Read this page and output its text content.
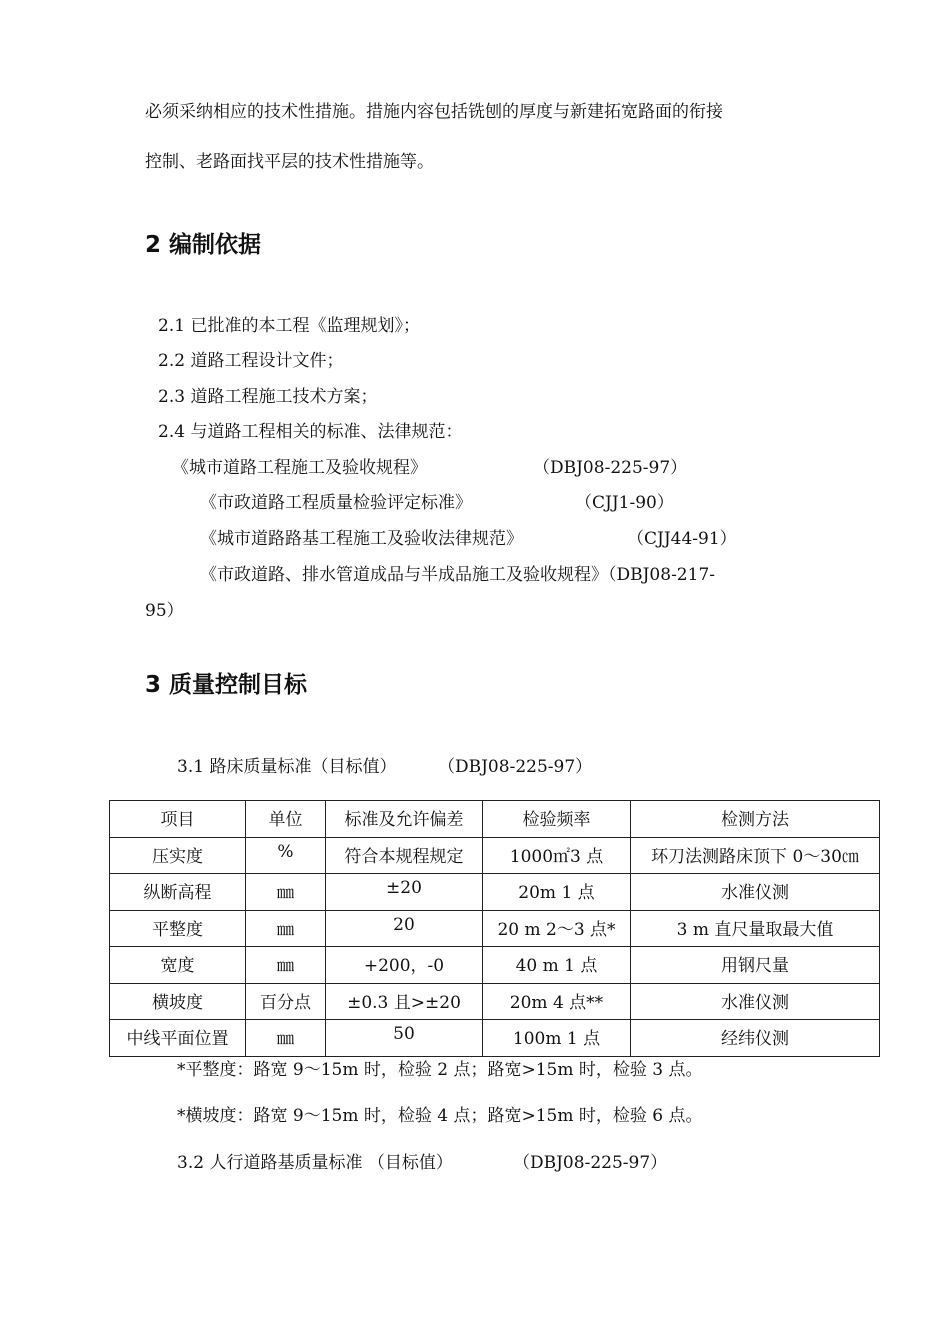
必须采纳相应的技术性措施。措施内容包括铣刨的厚度与新建拓宽路面的衔接
控制、老路面找平层的技术性措施等。
2 编制依据
2.1 已批准的本工程《监理规划》；
2.2 道路工程设计文件；
2.3 道路工程施工技术方案；
2.4 与道路工程相关的标准、法律规范：
《城市道路工程施工及验收规程》	（DBJ08-225-97）
《市政道路工程质量检验评定标准》	（CJJ1-90）
《城市道路路基工程施工及验收法律规范》	（CJJ44-91）
《市政道路、排水管道成品与半成品施工及验收规程》（DBJ08-217-
95）
3 质量控制目标
3.1 路床质量标准（目标值） （DBJ08-225-97）
项目	单位	标准及允许偏差	检验频率	检测方法
压实度	%	符合本规程规定	1000㎡3 点	环刀法测路床顶下 0～30㎝
纵断高程	㎜	±20	20m 1 点	水准仪测
平整度	㎜	20	20 m 2～3 点*	3 m 直尺量取最大值
宽度	㎜	+200，-0	40 m 1 点	用钢尺量
横坡度	百分点	±0.3 且>±20	20m 4 点**	水准仪测
中线平面位置	㎜	50	100m 1 点	经纬仪测
*平整度：路宽 9～15m 时，检验 2 点；路宽>15m 时，检验 3 点。
*横坡度：路宽 9～15m 时，检验 4 点；路宽>15m 时，检验 6 点。
3.2 人行道路基质量标准 （目标值）	（DBJ08-225-97）
